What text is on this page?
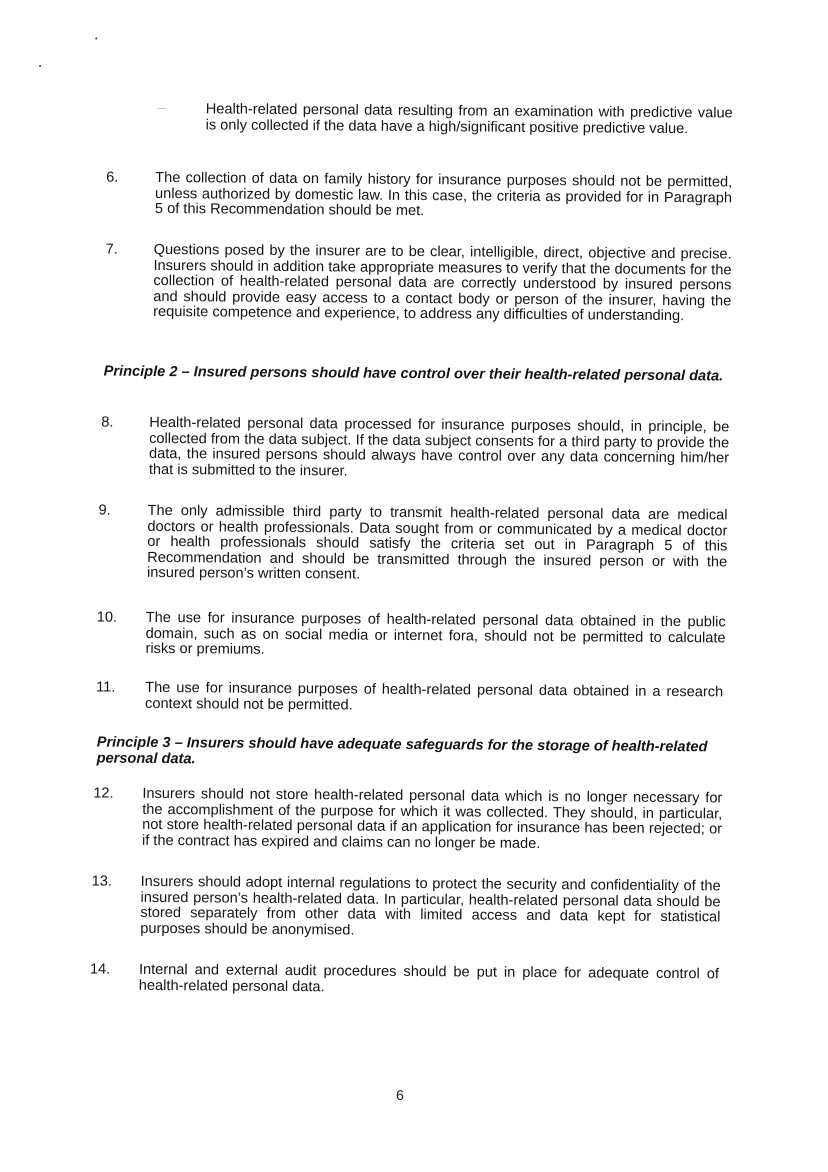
–	Health-related personal data resulting from an examination with predictive value is only collected if the data have a high/significant positive predictive value.
6.	The collection of data on family history for insurance purposes should not be permitted, unless authorized by domestic law. In this case, the criteria as provided for in Paragraph 5 of this Recommendation should be met.
7. Questions posed by the insurer are to be clear, intelligible, direct, objective and precise. Insurers should in addition take appropriate measures to verify that the documents for the collection of health-related personal data are correctly understood by insured persons and should provide easy access to a contact body or person of the insurer, having the requisite competence and experience, to address any difficulties of understanding.
Principle 2 – Insured persons should have control over their health-related personal data.
8. Health-related personal data processed for insurance purposes should, in principle, be collected from the data subject. If the data subject consents for a third party to provide the data, the insured persons should always have control over any data concerning him/her that is submitted to the insurer.
9.	The only admissible third party to transmit health-related personal data are medical doctors or health professionals. Data sought from or communicated by a medical doctor or health professionals should satisfy the criteria set out in Paragraph 5 of this Recommendation and should be transmitted through the insured person or with the insured person’s written consent.
10. The use for insurance purposes of health-related personal data obtained in the public domain, such as on social media or internet fora, should not be permitted to calculate risks or premiums.
11. The use for insurance purposes of health-related personal data obtained in a research context should not be permitted.
Principle 3 – Insurers should have adequate safeguards for the storage of health-related personal data.
12. Insurers should not store health-related personal data which is no longer necessary for the accomplishment of the purpose for which it was collected. They should, in particular, not store health-related personal data if an application for insurance has been rejected; or if the contract has expired and claims can no longer be made.
13. Insurers should adopt internal regulations to protect the security and confidentiality of the insured person’s health-related data. In particular, health-related personal data should be stored separately from other data with limited access and data kept for statistical purposes should be anonymised.
14. Internal and external audit procedures should be put in place for adequate control of health-related personal data.
6
